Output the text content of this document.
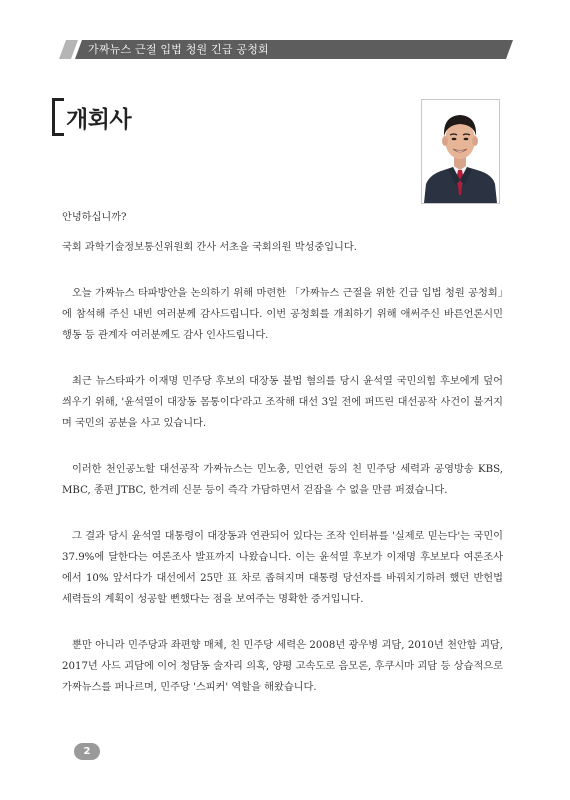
가짜뉴스 근절 입법 청원 긴급 공청회
개회사

안녕하십니까?

국회 과학기술정보통신위원회 간사 서초을 국회의원 박성중입니다.

오늘 가짜뉴스 타파방안을 논의하기 위해 마련한 「가짜뉴스 근절을 위한 긴급 입법 청원 공청회」에 참석해 주신 내빈 여러분께 감사드립니다. 이번 공청회를 개최하기 위해 애써주신 바른언론시민행동 등 관계자 여러분께도 감사 인사드립니다.

최근 뉴스타파가 이재명 민주당 후보의 대장동 불법 혐의를 당시 윤석열 국민의힘 후보에게 덮어씌우기 위해, '윤석열이 대장동 몸통이다'라고 조작해 대선 3일 전에 퍼뜨린 대선공작 사건이 불거지며 국민의 공분을 사고 있습니다.

이러한 천인공노할 대선공작 가짜뉴스는 민노총, 민언련 등의 친 민주당 세력과 공영방송 KBS, MBC, 종편 JTBC, 한겨레 신문 등이 즉각 가담하면서 걷잡을 수 없을 만큼 퍼졌습니다.

그 결과 당시 윤석열 대통령이 대장동과 연관되어 있다는 조작 인터뷰를 '실제로 믿는다'는 국민이 37.9%에 달한다는 여론조사 발표까지 나왔습니다. 이는 윤석열 후보가 이재명 후보보다 여론조사에서 10% 앞서다가 대선에서 25만 표 차로 좁혀지며 대통령 당선자를 바꿔치기하려 했던 반헌법 세력들의 계획이 성공할 뻔했다는 점을 보여주는 명확한 증거입니다.

뿐만 아니라 민주당과 좌편향 매체, 친 민주당 세력은 2008년 광우병 괴담, 2010년 천안함 괴담, 2017년 사드 괴담에 이어 청담동 술자리 의혹, 양평 고속도로 음모론, 후쿠시마 괴담 등 상습적으로 가짜뉴스를 퍼나르며, 민주당 '스피커' 역할을 해왔습니다.

2
